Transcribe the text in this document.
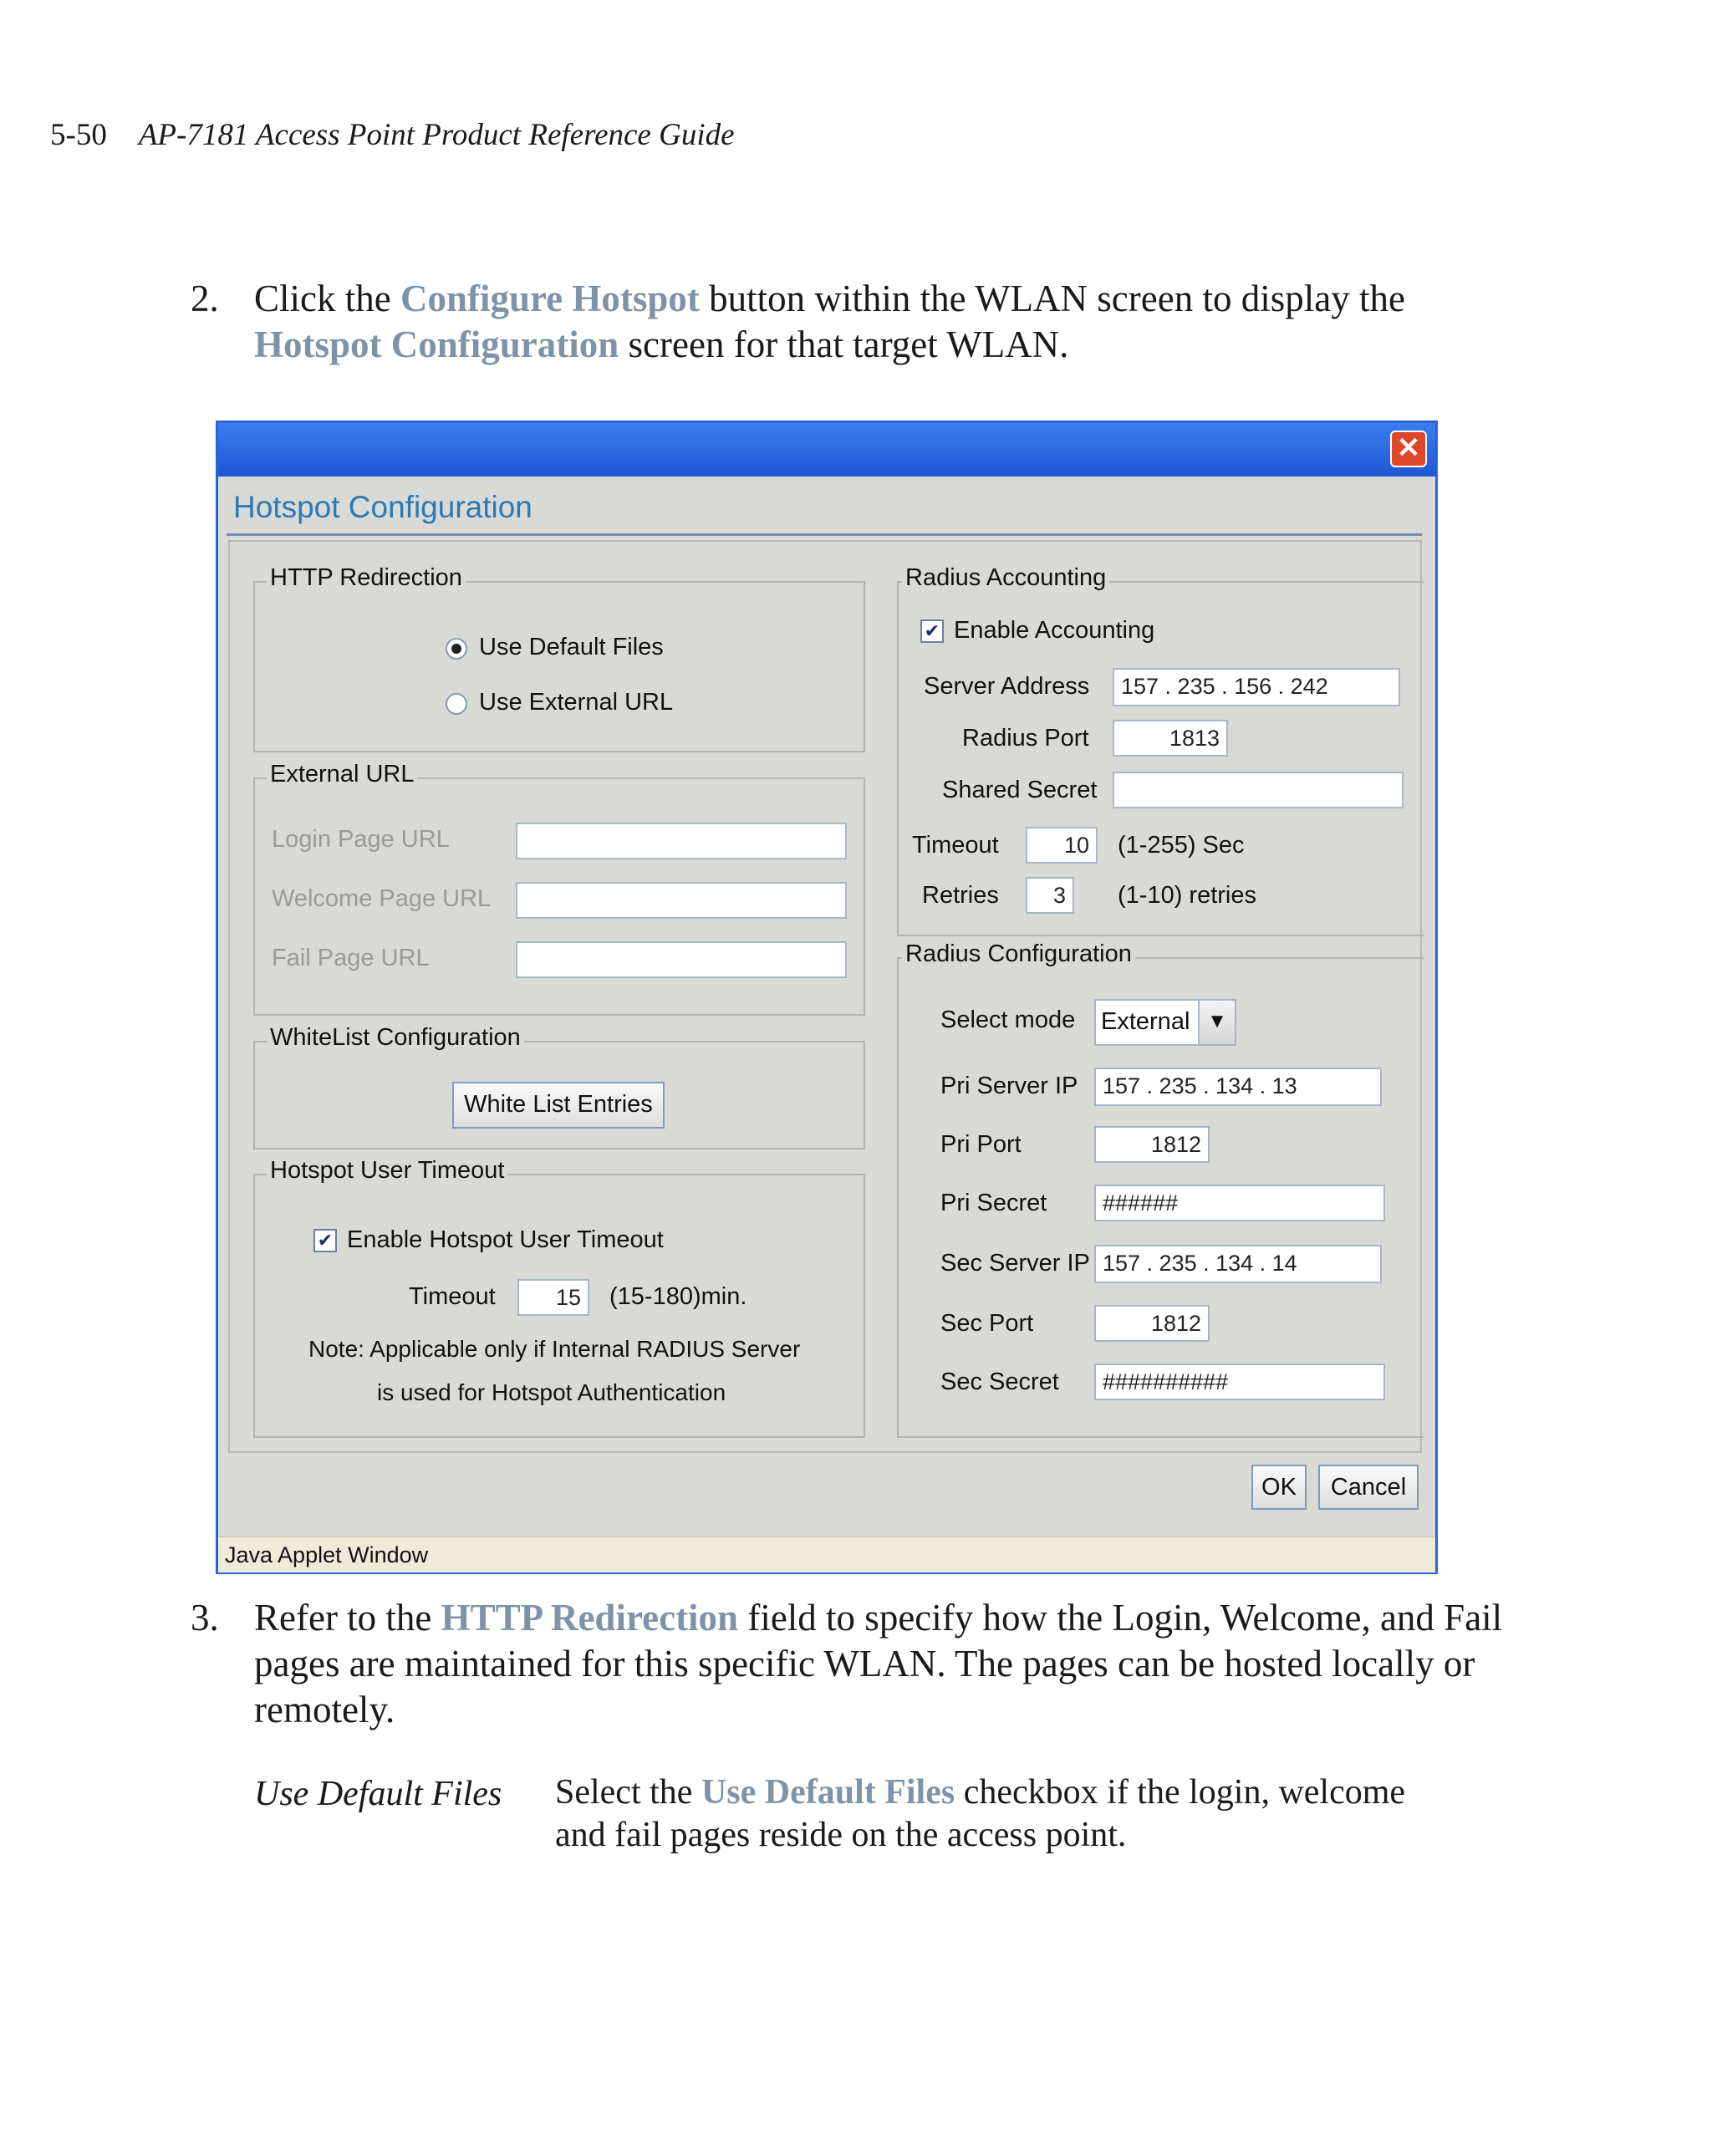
5-50 AP-7181 Access Point Product Reference Guide
2. Click the Configure Hotspot button within the WLAN screen to display the
Hotspot Configuration screen for that target WLAN.
✕
Hotspot Configuration
HTTP Redirection
Use Default Files
Use External URL
External URL
Login Page URL
Welcome Page URL
Fail Page URL
WhiteList Configuration
White List Entries
Hotspot User Timeout
✔ Enable Hotspot User Timeout
Timeout	15	(15-180)min.
Note: Applicable only if Internal RADIUS Server
is used for Hotspot Authentication
Radius Accounting
✔ Enable Accounting
Server Address	157 . 235 . 156 . 242
Radius Port	1813
Shared Secret
Timeout	10	(1-255) Sec
Retries	3	(1-10) retries
Radius Configuration
Select mode External ▼
Pri Server IP	157 . 235 . 134 . 13
Pri Port	1812
Pri Secret	######
Sec Server IP 157 . 235 . 134 . 14
Sec Port	1812
Sec Secret	##########
OK	Cancel
Java Applet Window
3. Refer to the HTTP Redirection field to specify how the Login, Welcome, and Fail
pages are maintained for this specific WLAN. The pages can be hosted locally or
remotely.
Use Default Files Select the Use Default Files checkbox if the login, welcome
and fail pages reside on the access point.
